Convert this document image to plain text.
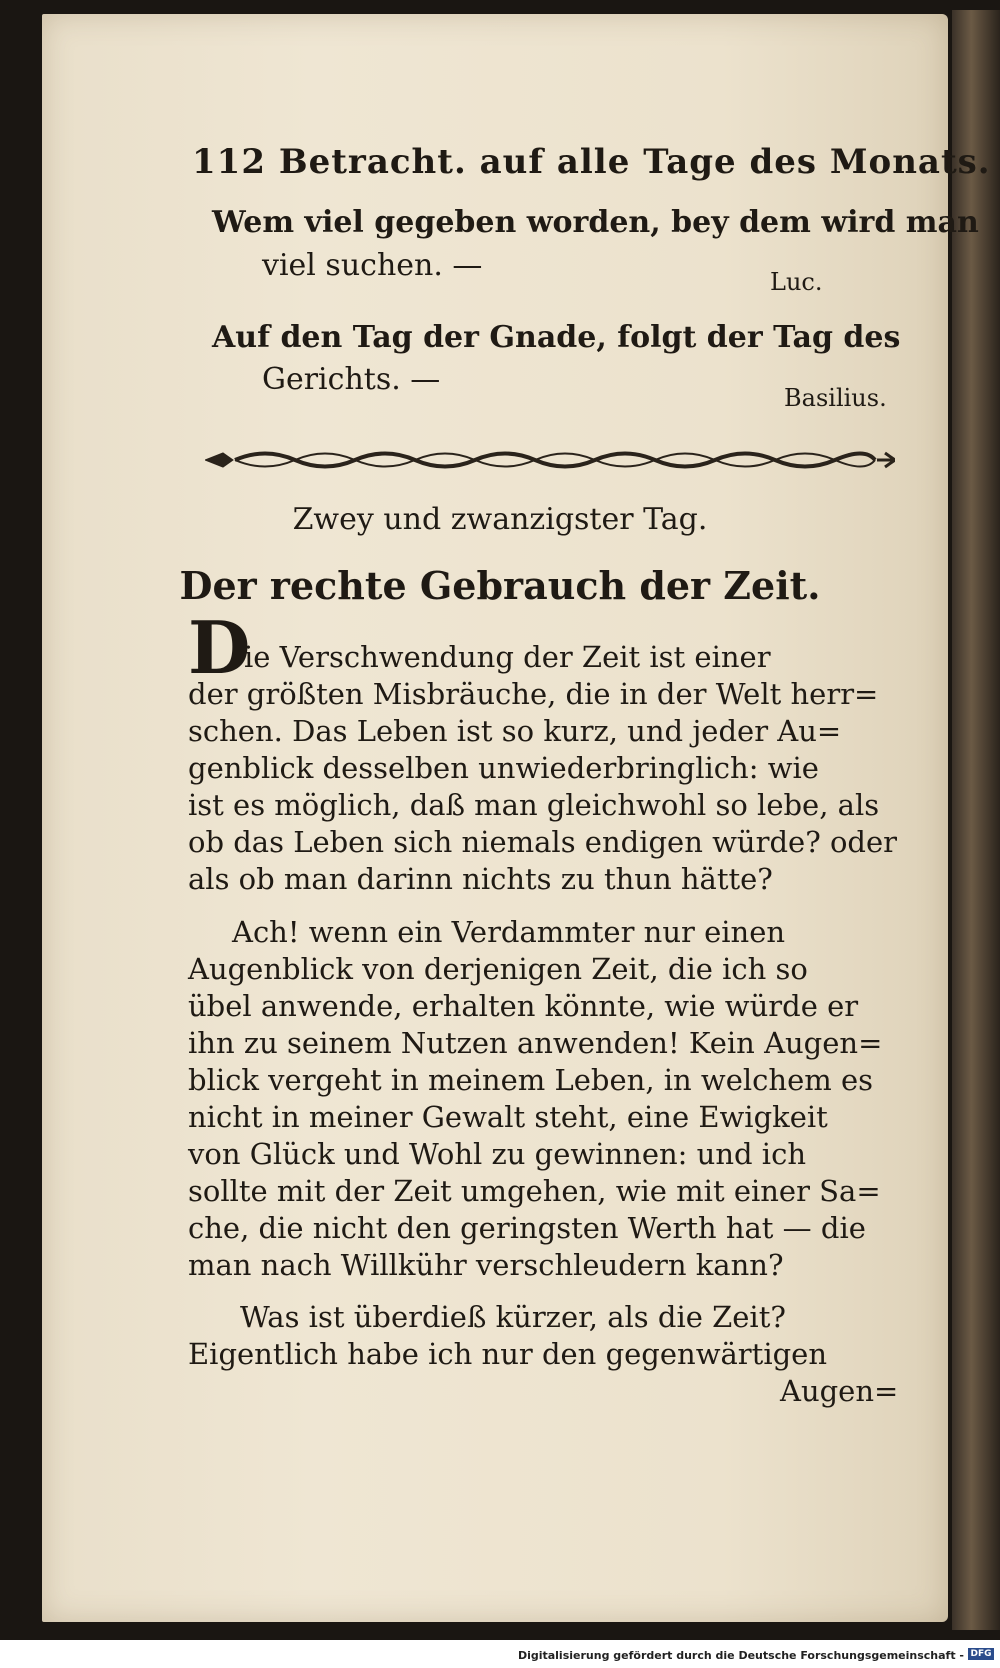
112 Betracht. auf alle Tage des Monats.
Wem viel gegeben worden, bey dem wird man
viel suchen. —	Luc.
Auf den Tag der Gnade, folgt der Tag des
Gerichts. —
Basilius.
Zwey und zwanzigster Tag.
Der rechte Gebrauch der Zeit.
D
ie Verschwendung der Zeit ist einer
der größten Misbräuche, die in der Welt herr=
schen. Das Leben ist so kurz, und jeder Au=
genblick desselben unwiederbringlich: wie
ist es möglich, daß man gleichwohl so lebe, als
ob das Leben sich niemals endigen würde? oder
als ob man darinn nichts zu thun hätte?
Ach! wenn ein Verdammter nur einen
Augenblick von derjenigen Zeit, die ich so
übel anwende, erhalten könnte, wie würde er
ihn zu seinem Nutzen anwenden! Kein Augen=
blick vergeht in meinem Leben, in welchem es
nicht in meiner Gewalt steht, eine Ewigkeit
von Glück und Wohl zu gewinnen: und ich
sollte mit der Zeit umgehen, wie mit einer Sa=
che, die nicht den geringsten Werth hat — die
man nach Willkühr verschleudern kann?
Was ist überdieß kürzer, als die Zeit?
Eigentlich habe ich nur den gegenwärtigen
Augen=
Digitalisierung gefördert durch die Deutsche Forschungsgemeinschaft - DFG
